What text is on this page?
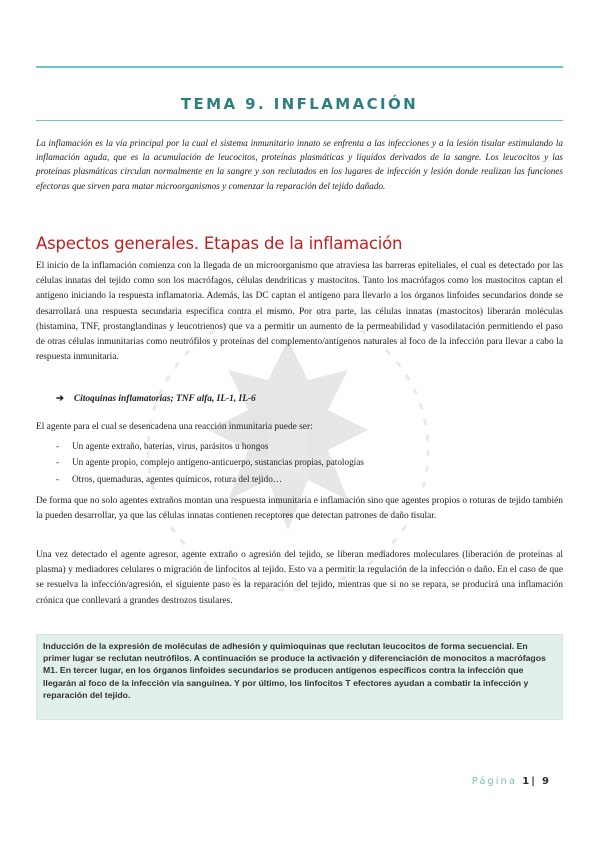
TEMA 9. INFLAMACIÓN

La inflamación es la vía principal por la cual el sistema inmunitario innato se enfrenta a las infecciones y a la lesión tisular estimulando la inflamación aguda, que es la acumulación de leucocitos, proteínas plasmáticas y líquidos derivados de la sangre. Los leucocitos y las proteínas plasmáticas circulan normalmente en la sangre y son reclutados en los lugares de infección y lesión donde realizan las funciones efectoras que sirven para matar microorganismos y comenzar la reparación del tejido dañado.

Aspectos generales. Etapas de la inflamación

El inicio de la inflamación comienza con la llegada de un microorganismo que atraviesa las barreras epiteliales, el cual es detectado por las células innatas del tejido como son los macrófagos, células dendríticas y mastocitos. Tanto los macrófagos como los mastocitos captan el antígeno iniciando la respuesta inflamatoria. Además, las DC captan el antígeno para llevarlo a los órganos linfoides secundarios donde se desarrollará una respuesta secundaria específica contra el mismo. Por otra parte, las células innatas (mastocitos) liberarán moléculas (histamina, TNF, prostanglandinas y leucotrienos) que va a permitir un aumento de la permeabilidad y vasodilatación permitiendo el paso de otras células inmunitarias como neutrófilos y proteínas del complemento/antígenos naturales al foco de la infección para llevar a cabo la respuesta inmunitaria.

➔ Citoquinas inflamatorias; TNF alfa, IL-1, IL-6

El agente para el cual se desencadena una reacción inmunitaria puede ser:

- Un agente extraño, baterías, virus, parásitos u hongos
- Un agente propio, complejo antígeno-anticuerpo, sustancias propias, patologías
- Otros, quemaduras, agentes químicos, rotura del tejido…

De forma que no solo agentes extraños montan una respuesta inmunitaria e inflamación sino que agentes propios o roturas de tejido también la pueden desarrollar, ya que las células innatas contienen receptores que detectan patrones de daño tisular.

Una vez detectado el agente agresor, agente extraño o agresión del tejido, se liberan mediadores moleculares (liberación de proteínas al plasma) y mediadores celulares o migración de linfocitos al tejido. Esto va a permitir la regulación de la infección o daño. En el caso de que se resuelva la infección/agresión, el siguiente paso es la reparación del tejido, mientras que si no se repara, se producirá una inflamación crónica que conllevará a grandes destrozos tisulares.

Inducción de la expresión de moléculas de adhesión y quimioquinas que reclutan leucocitos de forma secuencial. En primer lugar se reclutan neutrófilos. A continuación se produce la activación y diferenciación de monocitos a macrófagos M1. En tercer lugar, en los órganos linfoides secundarios se producen antígenos específicos contra la infección que llegarán al foco de la infección vía sanguínea. Y por último, los linfocitos T efectores ayudan a combatir la infección y reparación del tejido.
Página 1| 9
